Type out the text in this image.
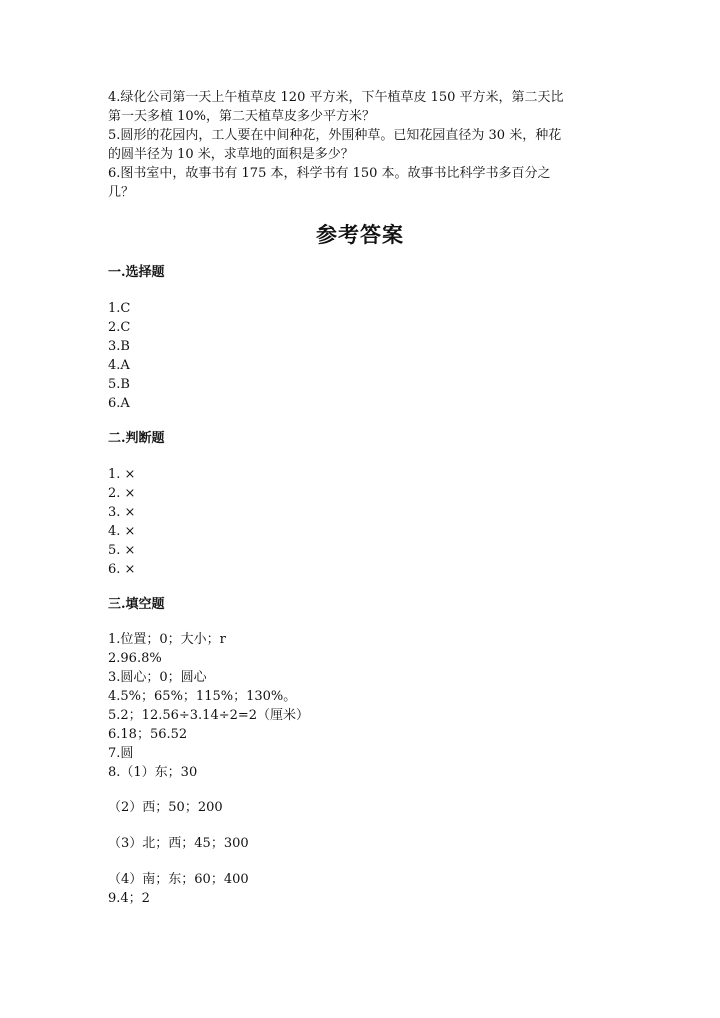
4.绿化公司第一天上午植草皮 120 平方米，下午植草皮 150 平方米，第二天比
第一天多植 10%，第二天植草皮多少平方米？
5.圆形的花园内，工人要在中间种花，外围种草。已知花园直径为 30 米，种花
的圆半径为 10 米，求草地的面积是多少？
6.图书室中，故事书有 175 本，科学书有 150 本。故事书比科学书多百分之
几？
参考答案
一.选择题
1.C
2.C
3.B
4.A
5.B
6.A
二.判断题
1. ×
2. ×
3. ×
4. ×
5. ×
6. ×
三.填空题
1.位置；0；大小；r
2.96.8%
3.圆心；0；圆心
4.5%；65%；115%；130%。
5.2；12.56÷3.14÷2=2（厘米）
6.18；56.52
7.圆
8.（1）东；30
（2）西；50；200
（3）北；西；45；300
（4）南；东；60；400
9.4；2
